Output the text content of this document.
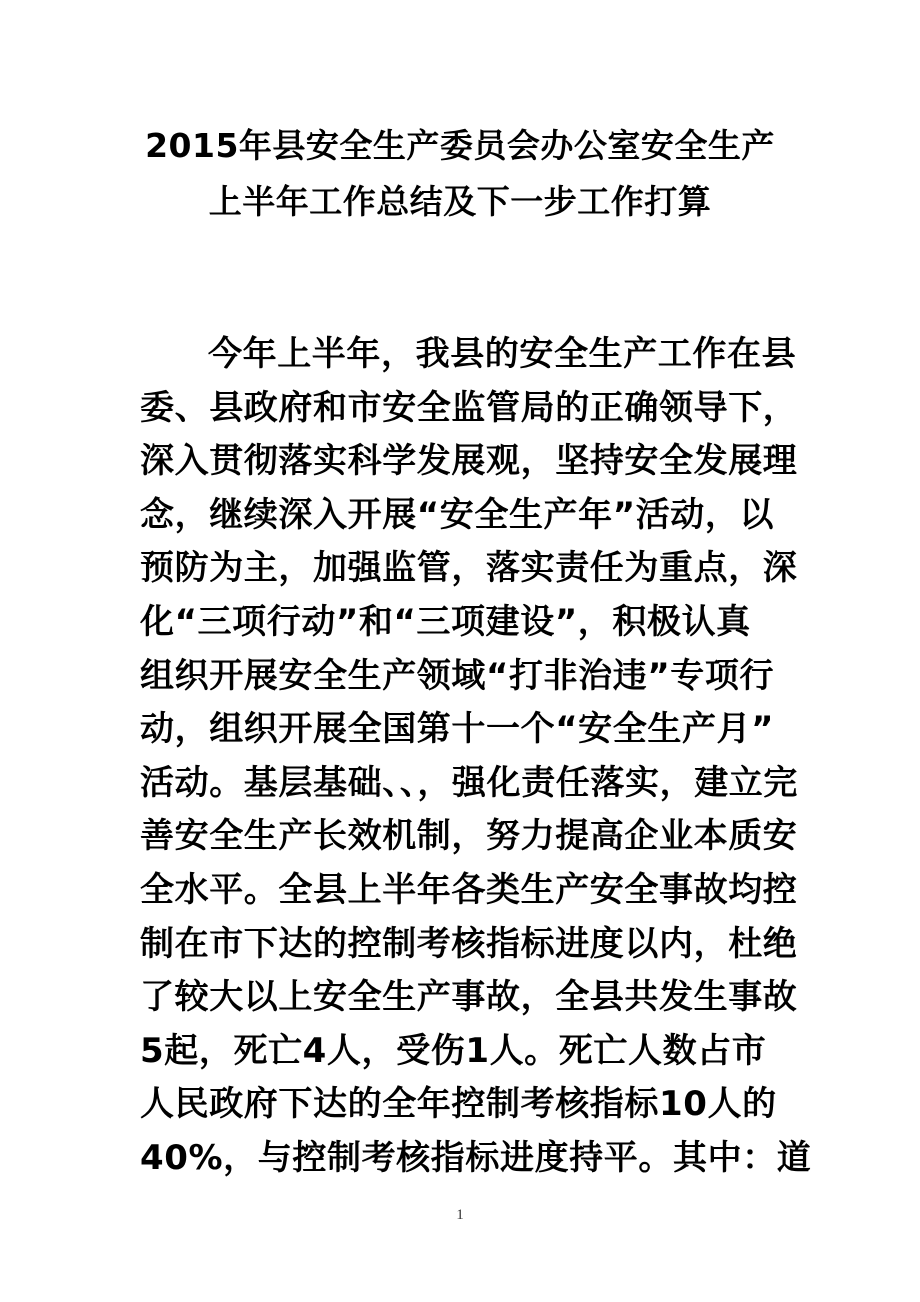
2015年县安全生产委员会办公室安全生产
上半年工作总结及下一步工作打算
今年上半年，我县的安全生产工作在县
委、县政府和市安全监管局的正确领导下，
深入贯彻落实科学发展观，坚持安全发展理
念，继续深入开展“安全生产年”活动，以
预防为主，加强监管，落实责任为重点，深
化“三项行动”和“三项建设”，积极认真
组织开展安全生产领域“打非治违”专项行
动，组织开展全国第十一个“安全生产月”
活动。基层基础、、，强化责任落实，建立完
善安全生产长效机制，努力提高企业本质安
全水平。全县上半年各类生产安全事故均控
制在市下达的控制考核指标进度以内，杜绝
了较大以上安全生产事故，全县共发生事故
5起，死亡4人，受伤1人。死亡人数占市
人民政府下达的全年控制考核指标10人的
40%，与控制考核指标进度持平。其中：道
1
